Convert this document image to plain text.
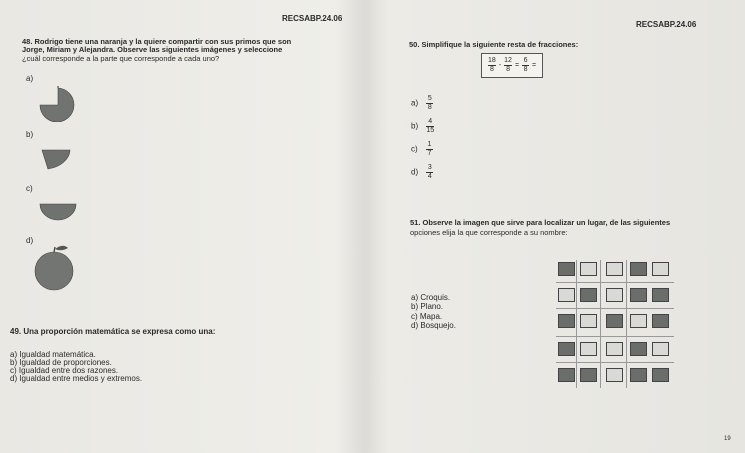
RECSABP.24.06
RECSABP.24.06
48. Rodrigo tiene una naranja y la quiere compartir con sus primos que son
Jorge, Miriam y Alejandra. Observe las siguientes imágenes y seleccione
¿cuál corresponde a la parte que corresponde a cada uno?
a)
b)
c)
d)
49. Una proporción matemática se expresa como una:
a) Igualdad matemática.
b) Igualdad de proporciones.
c) Igualdad entre dos razones.
d) Igualdad entre medios y extremos.
50. Simplifique la siguiente resta de fracciones:
$\frac{18}{8} - \frac{12}{8} = \frac{6}{8}$ =
$a) \frac{5}{8}$
$b) \frac{4}{15}$
$c) \frac{1}{7}$
$d) \frac{3}{4}$
51. Observe la imagen que sirve para localizar un lugar, de las siguientes
opciones elija la que corresponde a su nombre:
a) Croquis.
b) Plano.
c) Mapa.
d) Bosquejo.
19
